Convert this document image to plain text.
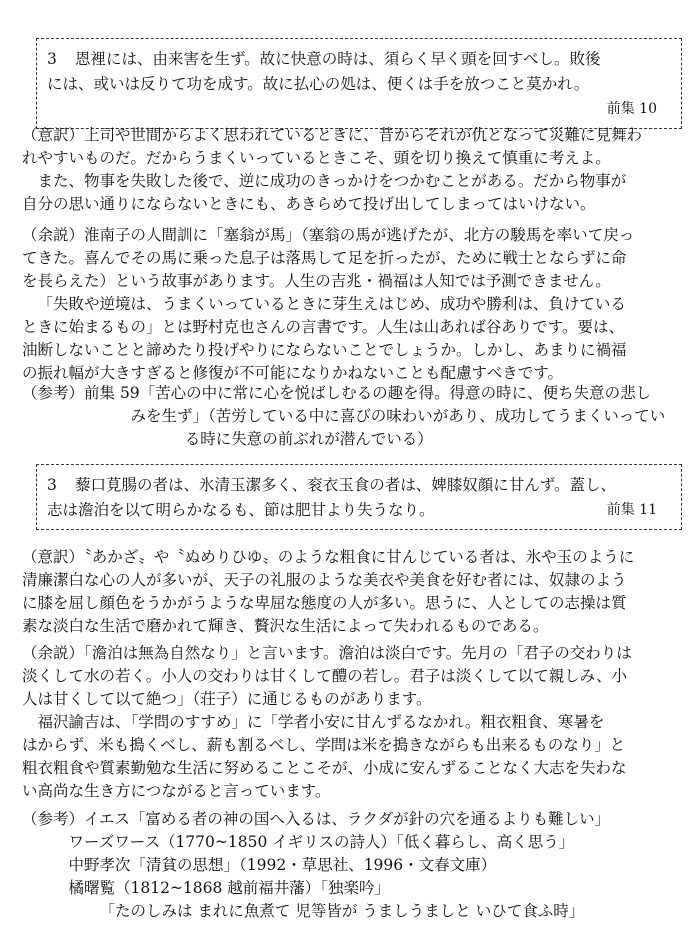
3 恩裡には、由来害を生ず。故に快意の時は、須らく早く頭を回すべし。敗後

には、或いは反りて功を成す。故に払心の処は、便くは手を放つこと莫かれ。

前集 10

（意訳）上司や世間からよく思われているときに、昔からそれが仇となって災難に見舞わ

れやすいものだ。だからうまくいっているときこそ、頭を切り換えて慎重に考えよ。

また、物事を失敗した後で、逆に成功のきっかけをつかむことがある。だから物事が

自分の思い通りにならないときにも、あきらめて投げ出してしまってはいけない。

（余説）淮南子の人間訓に「塞翁が馬」（塞翁の馬が逃げたが、北方の駿馬を率いて戻っ

てきた。喜んでその馬に乗った息子は落馬して足を折ったが、ために戦士とならずに命

を長らえた）という故事があります。人生の吉兆・禍福は人知では予測できません。

「失敗や逆境は、うまくいっているときに芽生えはじめ、成功や勝利は、負けている

ときに始まるもの」とは野村克也さんの言書です。人生は山あれば谷ありです。要は、

油断しないことと諦めたり投げやりにならないことでしょうか。しかし、あまりに禍福

の振れ幅が大きすぎると修復が不可能になりかねないことも配慮すべきです。

（参考）前集 59「苦心の中に常に心を悦ばしむるの趣を得。得意の時に、便ち失意の悲し

みを生ず」（苦労している中に喜びの味わいがあり、成功してうまくいってい

る時に失意の前ぶれが潜んでいる）

3 藜口莧腸の者は、氷清玉潔多く、衮衣玉食の者は、婢膝奴顔に甘んず。蓋し、

志は澹泊を以て明らかなるも、節は肥甘より失うなり。	前集 11

（意訳）〝あかざ〟や〝ぬめりひゆ〟のような粗食に甘んじている者は、氷や玉のように

清廉潔白な心の人が多いが、天子の礼服のような美衣や美食を好む者には、奴隷のよう

に膝を屈し顔色をうかがうような卑屈な態度の人が多い。思うに、人としての志操は質

素な淡白な生活で磨かれて輝き、贅沢な生活によって失われるものである。

（余説）「澹泊は無為自然なり」と言います。澹泊は淡白です。先月の「君子の交わりは

淡くして水の若く。小人の交わりは甘くして醴の若し。君子は淡くして以て親しみ、小

人は甘くして以て絶つ」（荘子）に通じるものがあります。

福沢諭吉は、「学問のすすめ」に「学者小安に甘んずるなかれ。粗衣粗食、寒暑を

はからず、米も搗くべし、薪も割るべし、学問は米を搗きながらも出来るものなり」と

粗衣粗食や質素勤勉な生活に努めることこそが、小成に安んずることなく大志を失わな

い高尚な生き方につながると言っています。

（参考）イエス「富める者の神の国へ入るは、ラクダが針の穴を通るよりも難しい」

ワーズワース（1770~1850 イギリスの詩人）「低く暮らし、高く思う」

中野孝次「清貧の思想」（1992・草思社、1996・文春文庫）

橘曙覧（1812~1868 越前福井藩）「独楽吟」

「たのしみは まれに魚煮て 児等皆が うましうましと いひて食ふ時」
